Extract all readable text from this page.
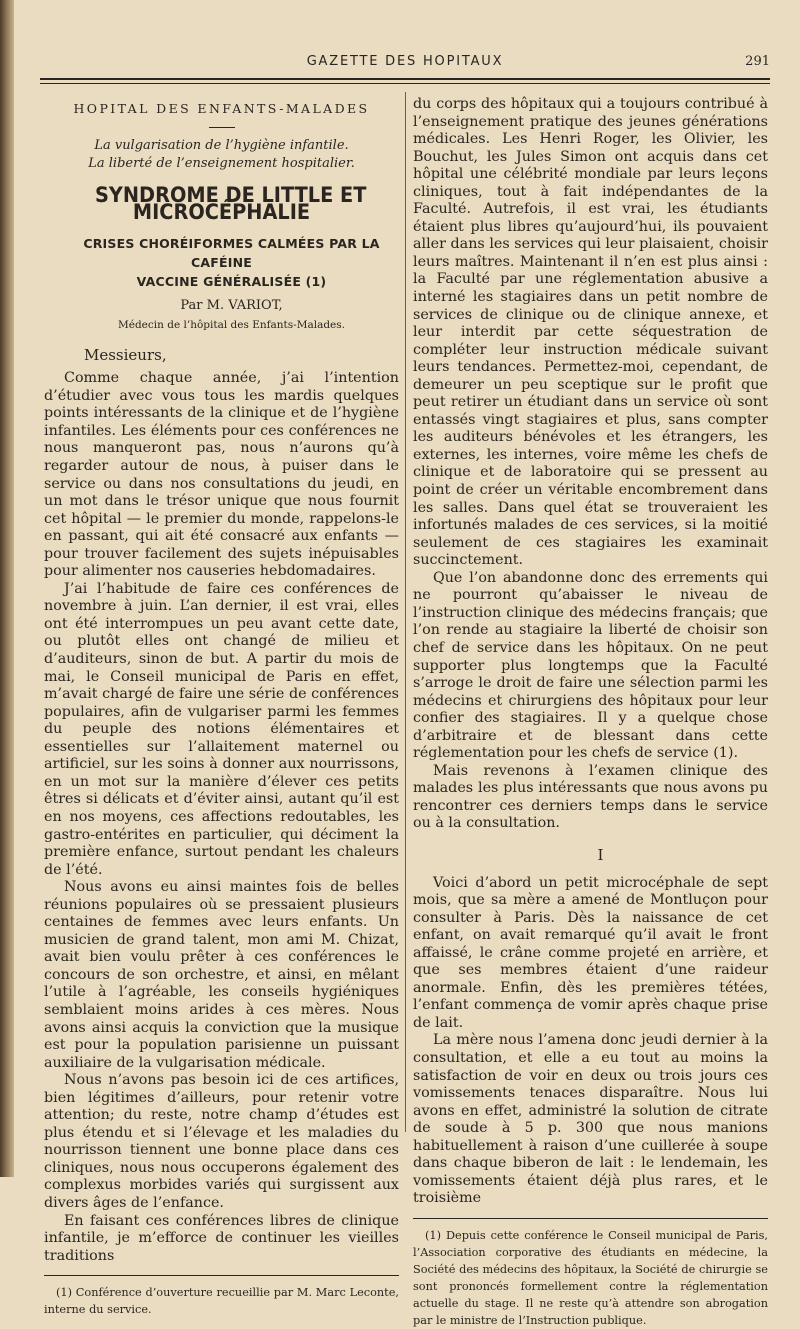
GAZETTE DES HOPITAUX	291

HOPITAL DES ENFANTS-MALADES

La vulgarisation de l’hygiène infantile.

La liberté de l’enseignement hospitalier.

SYNDROME DE LITTLE ET MICROCÉPHALIE

CRISES CHORÉIFORMES CALMÉES PAR LA CAFÉINE

VACCINE GÉNÉRALISÉE (1)

Par M. VARIOT,

Médecin de l’hôpital des Enfants-Malades.

Messieurs,

Comme chaque année, j’ai l’intention d’étudier avec vous tous les mardis quelques points intéressants de la clinique et de l’hygiène infantiles. Les éléments pour ces conférences ne nous manqueront pas, nous n’aurons qu’à regarder autour de nous, à puiser dans le service ou dans nos consultations du jeudi, en un mot dans le trésor unique que nous fournit cet hôpital — le premier du monde, rappelons-le en passant, qui ait été consacré aux enfants — pour trouver facilement des sujets inépuisables pour alimenter nos causeries hebdomadaires.

J’ai l’habitude de faire ces conférences de novembre à juin. L’an dernier, il est vrai, elles ont été interrompues un peu avant cette date, ou plutôt elles ont changé de milieu et d’auditeurs, sinon de but. A partir du mois de mai, le Conseil municipal de Paris en effet, m’avait chargé de faire une série de conférences populaires, afin de vulgariser parmi les femmes du peuple des notions élémentaires et essentielles sur l’allaitement maternel ou artificiel, sur les soins à donner aux nourrissons, en un mot sur la manière d’élever ces petits êtres si délicats et d’éviter ainsi, autant qu’il est en nos moyens, ces affections redoutables, les gastro-entérites en particulier, qui déciment la première enfance, surtout pendant les chaleurs de l’été.

Nous avons eu ainsi maintes fois de belles réunions populaires où se pressaient plusieurs centaines de femmes avec leurs enfants. Un musicien de grand talent, mon ami M. Chizat, avait bien voulu prêter à ces conférences le concours de son orchestre, et ainsi, en mêlant l’utile à l’agréable, les conseils hygiéniques semblaient moins arides à ces mères. Nous avons ainsi acquis la conviction que la musique est pour la population parisienne un puissant auxiliaire de la vulgarisation médicale.

Nous n’avons pas besoin ici de ces artifices, bien légitimes d’ailleurs, pour retenir votre attention; du reste, notre champ d’études est plus étendu et si l’élevage et les maladies du nourrisson tiennent une bonne place dans ces cliniques, nous nous occuperons également des complexus morbides variés qui surgissent aux divers âges de l’enfance.

En faisant ces conférences libres de clinique infantile, je m’efforce de continuer les vieilles traditions

(1) Conférence d’ouverture recueillie par M. Marc Leconte, interne du service.

du corps des hôpitaux qui a toujours contribué à l’enseignement pratique des jeunes générations médicales. Les Henri Roger, les Olivier, les Bouchut, les Jules Simon ont acquis dans cet hôpital une célébrité mondiale par leurs leçons cliniques, tout à fait indépendantes de la Faculté. Autrefois, il est vrai, les étudiants étaient plus libres qu’aujourd’hui, ils pouvaient aller dans les services qui leur plaisaient, choisir leurs maîtres. Maintenant il n’en est plus ainsi : la Faculté par une réglementation abusive a interné les stagiaires dans un petit nombre de services de clinique ou de clinique annexe, et leur interdit par cette séquestration de compléter leur instruction médicale suivant leurs tendances. Permettez-moi, cependant, de demeurer un peu sceptique sur le profit que peut retirer un étudiant dans un service où sont entassés vingt stagiaires et plus, sans compter les auditeurs bénévoles et les étrangers, les externes, les internes, voire même les chefs de clinique et de laboratoire qui se pressent au point de créer un véritable encombrement dans les salles. Dans quel état se trouveraient les infortunés malades de ces services, si la moitié seulement de ces stagiaires les examinait succinctement.

Que l’on abandonne donc des errements qui ne pourront qu’abaisser le niveau de l’instruction clinique des médecins français; que l’on rende au stagiaire la liberté de choisir son chef de service dans les hôpitaux. On ne peut supporter plus longtemps que la Faculté s’arroge le droit de faire une sélection parmi les médecins et chirurgiens des hôpitaux pour leur confier des stagiaires. Il y a quelque chose d’arbitraire et de blessant dans cette réglementation pour les chefs de service (1).

Mais revenons à l’examen clinique des malades les plus intéressants que nous avons pu rencontrer ces derniers temps dans le service ou à la consultation.

I

Voici d’abord un petit microcéphale de sept mois, que sa mère a amené de Montluçon pour consulter à Paris. Dès la naissance de cet enfant, on avait remarqué qu’il avait le front affaissé, le crâne comme projeté en arrière, et que ses membres étaient d’une raideur anormale. Enfin, dès les premières tétées, l’enfant commença de vomir après chaque prise de lait.

La mère nous l’amena donc jeudi dernier à la consultation, et elle a eu tout au moins la satisfaction de voir en deux ou trois jours ces vomissements tenaces disparaître. Nous lui avons en effet, administré la solution de citrate de soude à 5 p. 300 que nous manions habituellement à raison d’une cuillerée à soupe dans chaque biberon de lait : le lendemain, les vomissements étaient déjà plus rares, et le troisième

(1) Depuis cette conférence le Conseil municipal de Paris, l’Association corporative des étudiants en médecine, la Société des médecins des hôpitaux, la Société de chirurgie se sont prononcés formellement contre la réglementation actuelle du stage. Il ne reste qu’à attendre son abrogation par le ministre de l’Instruction publique.
